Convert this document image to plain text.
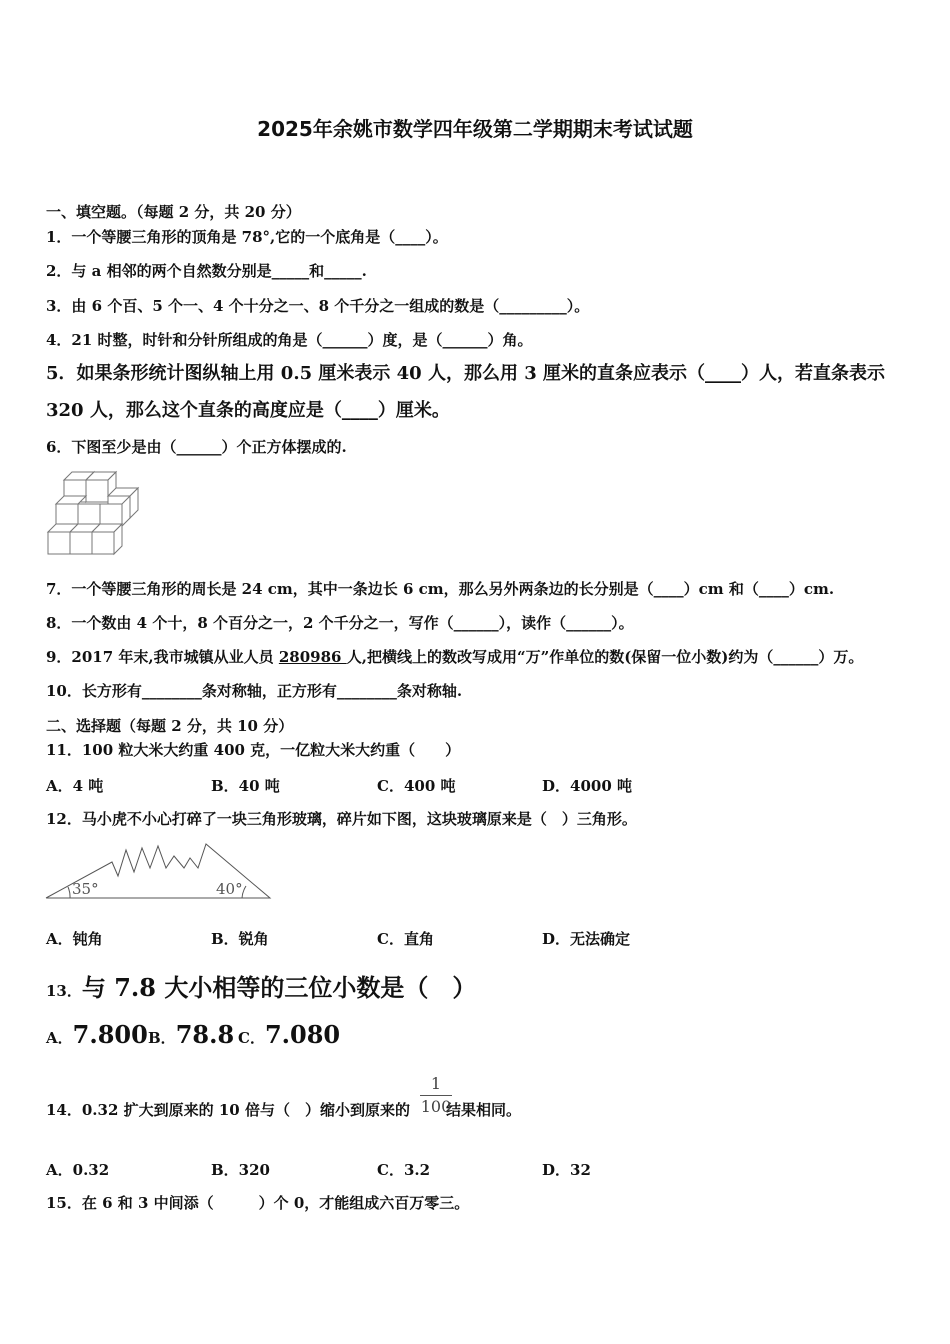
2025年余姚市数学四年级第二学期期末考试试题
一、填空题。（每题 2 分，共 20 分）
1．一个等腰三角形的顶角是 78°,它的一个底角是（____）。
2．与 a 相邻的两个自然数分别是_____和_____.
3．由 6 个百、5 个一、4 个十分之一、8 个千分之一组成的数是（_________）。
4．21 时整，时针和分针所组成的角是（______）度，是（______）角。
5．如果条形统计图纵轴上用 0.5 厘米表示 40 人，那么用 3 厘米的直条应表示（____）人，若直条表示
320 人，那么这个直条的高度应是（____）厘米。
6．下图至少是由（______）个正方体摆成的.
7．一个等腰三角形的周长是 24 cm，其中一条边长 6 cm，那么另外两条边的长分别是（____）cm 和（____）cm.
8．一个数由 4 个十，8 个百分之一，2 个千分之一，写作（______），读作（______）。
9．2017 年末,我市城镇从业人员 280986 人,把横线上的数改写成用“万”作单位的数(保留一位小数)约为（______）万。
10．长方形有________条对称轴，正方形有________条对称轴.
二、选择题（每题 2 分，共 10 分）
11．100 粒大米大约重 400 克，一亿粒大米大约重（　　）
A．4 吨	B．40 吨	C．400 吨	D．4000 吨
12．马小虎不小心打碎了一块三角形玻璃，碎片如下图，这块玻璃原来是（　）三角形。
35°	40°
A．钝角	B．锐角	C．直角	D．无法确定
13．与 7.8 大小相等的三位小数是（　）
A．7.800 B．78.8 C．7.080
14．0.32 扩大到原来的 10 倍与（　）缩小到原来的 结果相同。
$\frac{1}{100}$
A．0.32	B．320	C．3.2	D．32
15．在 6 和 3 中间添（　　　）个 0，才能组成六百万零三。
